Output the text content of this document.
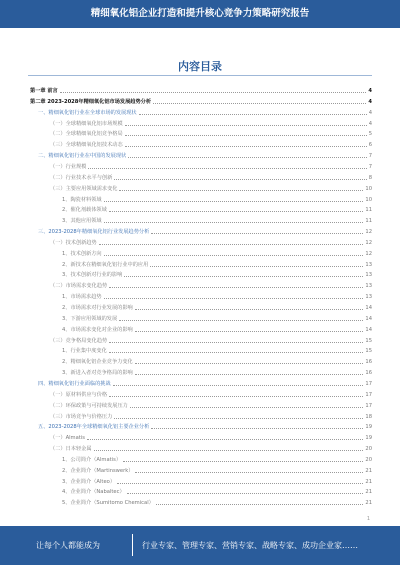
精细氧化铝企业打造和提升核心竞争力策略研究报告
内容目录
第一章 前言	4
第二章 2023-2028年精细氧化铝市场发展趋势分析	4
一、精细氧化铝行业在全球市场的发展现状	4
（一）全球精细氧化铝市场规模	4
（二）全球精细氧化铝竞争格局	5
（三）全球精细氧化铝技术动态	6
二、精细氧化铝行业在中国的发展现状	7
（一）行业规模	7
（二）行业技术水平与创新	8
（三）主要应用领域需求变化	10
1、陶瓷材料领域	10
2、催化剂载体领域	11
3、其他应用领域	11
三、2023-2028年精细氧化铝行业发展趋势分析	12
（一）技术创新趋势	12
1、技术创新方向	12
2、新技术在精细氧化铝行业中的应用	13
3、技术创新对行业的影响	13
（二）市场需求变化趋势	13
1、市场需求趋势	13
2、市场需求对行业发展的影响	14
3、下游应用领域的发展	14
4、市场需求变化对企业的影响	14
（三）竞争格局变化趋势	15
1、行业集中度变化	15
2、精细氧化铝企业竞争力变化	16
3、新进入者对竞争格局的影响	16
四、精细氧化铝行业面临的挑战	17
（一）原材料供应与价格	17
（二）环保政策与可持续发展压力	17
（三）市场竞争与价格压力	18
五、2023-2028年全球精细氧化铝主要企业分析	19
（一）Almatis	19
（二）日本轻金属	20
1、公司简介（Almatis）	20
2、企业简介（Martinswerk）	21
3、企业简介（Alteo）	21
4、企业简介（Nabaltec）	21
5、企业简介（Sumitomo Chemical）	21
1
让每个人都能成为	行业专家、管理专家、营销专家、战略专家、成功企业家……
